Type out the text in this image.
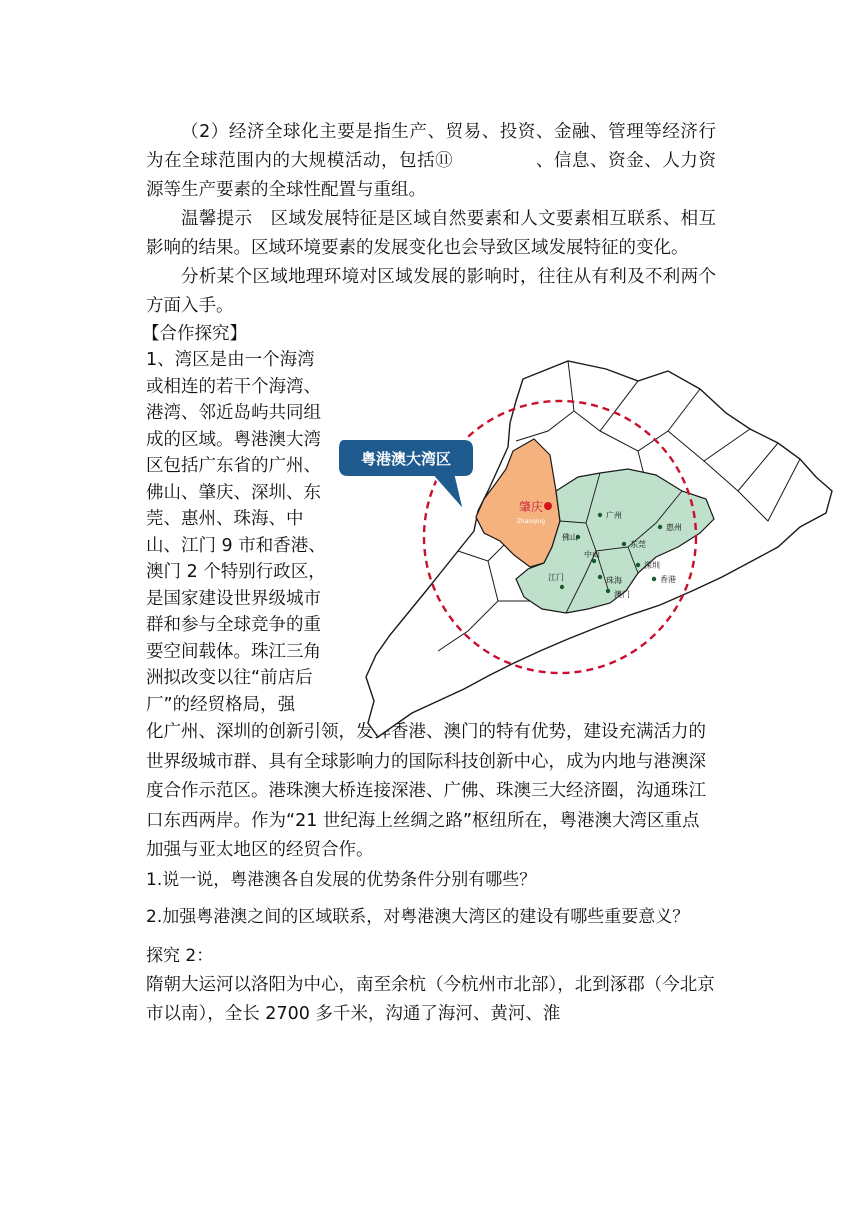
（2）经济全球化主要是指生产、贸易、投资、金融、管理等经济行为在全球范围内的大规模活动，包括⑪	、信息、资金、人力资源等生产要素的全球性配置与重组。

温馨提示 区域发展特征是区域自然要素和人文要素相互联系、相互影响的结果。区域环境要素的发展变化也会导致区域发展特征的变化。

分析某个区域地理环境对区域发展的影响时，往往从有利及不利两个方面入手。

【合作探究】

1、湾区是由一个海湾或相连的若干个海湾、港湾、邻近岛屿共同组成的区域。粤港澳大湾区包括广东省的广州、佛山、肇庆、深圳、东莞、惠州、珠海、中山、江门 9 市和香港、澳门 2 个特别行政区，是国家建设世界级城市群和参与全球竞争的重要空间载体。珠江三角洲拟改变以往“前店后厂”的经贸格局，强
粤港澳大湾区
肇庆
Zhaoqing
广州
惠州
佛山
东莞
中山
深圳
江门	珠海	香港
澳门

化广州、深圳的创新引领，发挥香港、澳门的特有优势，建设充满活力的世界级城市群、具有全球影响力的国际科技创新中心，成为内地与港澳深度合作示范区。港珠澳大桥连接深港、广佛、珠澳三大经济圈，沟通珠江口东西两岸。作为“21 世纪海上丝绸之路”枢纽所在，粤港澳大湾区重点加强与亚太地区的经贸合作。

1.说一说，粤港澳各自发展的优势条件分别有哪些？

2.加强粤港澳之间的区域联系，对粤港澳大湾区的建设有哪些重要意义？

探究 2：

隋朝大运河以洛阳为中心，南至余杭（今杭州市北部），北到涿郡（今北京市以南），全长 2700 多千米，沟通了海河、黄河、淮
